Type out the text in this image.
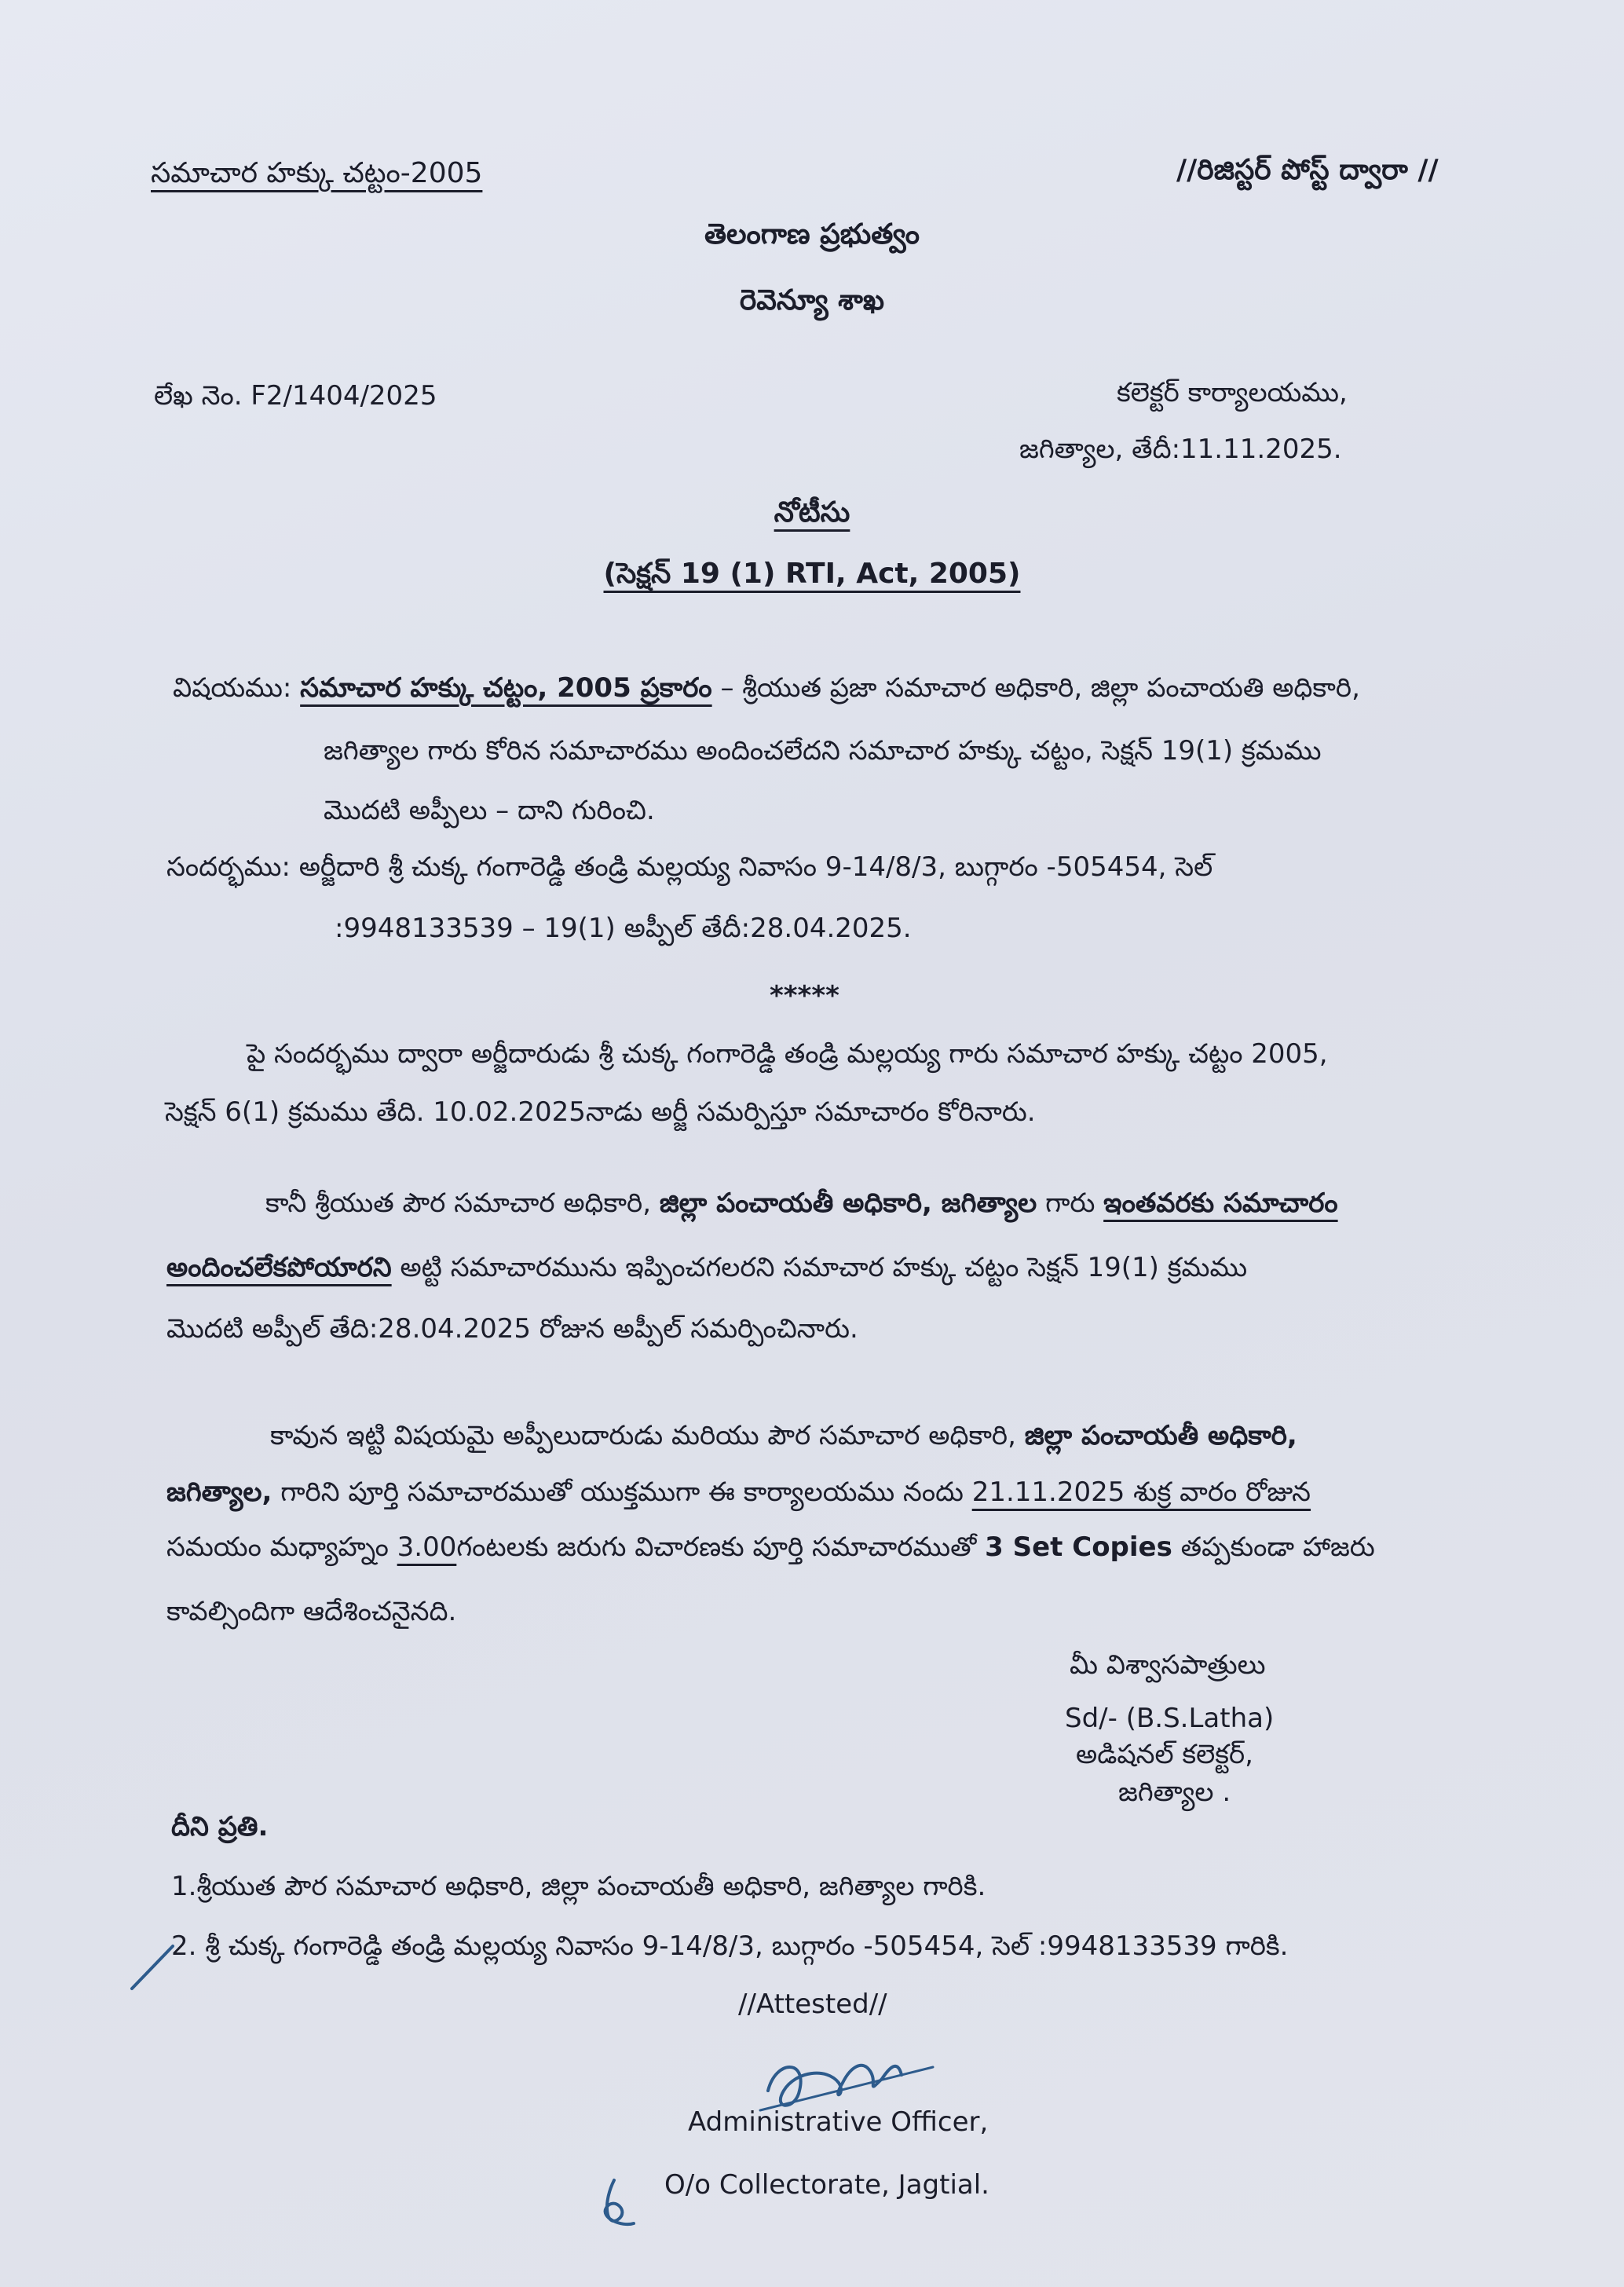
సమాచార హక్కు చట్టం-2005	//రిజిస్టర్ పోస్ట్ ద్వారా //
తెలంగాణ ప్రభుత్వం
రెవెన్యూ శాఖ
లేఖ నెం. F2/1404/2025	కలెక్టర్ కార్యాలయము,
జగిత్యాల, తేదీ:11.11.2025.
నోటీసు
(సెక్షన్ 19 (1) RTI, Act, 2005)
విషయము: సమాచార హక్కు చట్టం, 2005 ప్రకారం – శ్రీయుత ప్రజా సమాచార అధికారి, జిల్లా పంచాయతి అధికారి,
జగిత్యాల గారు కోరిన సమాచారము అందించలేదని సమాచార హక్కు చట్టం, సెక్షన్ 19(1) క్రమము
మొదటి అప్పీలు – దాని గురించి.
సందర్భము: అర్జీదారి శ్రీ చుక్క గంగారెడ్డి తండ్రి మల్లయ్య నివాసం 9-14/8/3, బుగ్గారం -505454, సెల్
:9948133539 – 19(1) అప్పీల్ తేదీ:28.04.2025.
*****
పై సందర్భము ద్వారా అర్జీదారుడు శ్రీ చుక్క గంగారెడ్డి తండ్రి మల్లయ్య గారు సమాచార హక్కు చట్టం 2005,
సెక్షన్ 6(1) క్రమము తేది. 10.02.2025నాడు అర్జీ సమర్పిస్తూ సమాచారం కోరినారు.
కానీ శ్రీయుత పౌర సమాచార అధికారి, జిల్లా పంచాయతీ అధికారి, జగిత్యాల గారు ఇంతవరకు సమాచారం
అందించలేకపోయారని అట్టి సమాచారమును ఇప్పించగలరని సమాచార హక్కు చట్టం సెక్షన్ 19(1) క్రమము
మొదటి అప్పీల్ తేది:28.04.2025 రోజున అప్పీల్ సమర్పించినారు.
కావున ఇట్టి విషయమై అప్పీలుదారుడు మరియు పౌర సమాచార అధికారి, జిల్లా పంచాయతీ అధికారి,
జగిత్యాల, గారిని పూర్తి సమాచారముతో యుక్తముగా ఈ కార్యాలయము నందు 21.11.2025 శుక్ర వారం రోజున
సమయం మధ్యాహ్నం 3.00గంటలకు జరుగు విచారణకు పూర్తి సమాచారముతో 3 Set Copies తప్పకుండా హాజరు
కావల్సిందిగా ఆదేశించనైనది.
మీ విశ్వాసపాత్రులు
Sd/- (B.S.Latha)
అడిషనల్ కలెక్టర్,
జగిత్యాల .
దీని ప్రతి.
1.శ్రీయుత పౌర సమాచార అధికారి, జిల్లా పంచాయతీ అధికారి, జగిత్యాల గారికి.
2. శ్రీ చుక్క గంగారెడ్డి తండ్రి మల్లయ్య నివాసం 9-14/8/3, బుగ్గారం -505454, సెల్ :9948133539 గారికి.
//Attested//
Administrative Officer,
O/o Collectorate, Jagtial.
